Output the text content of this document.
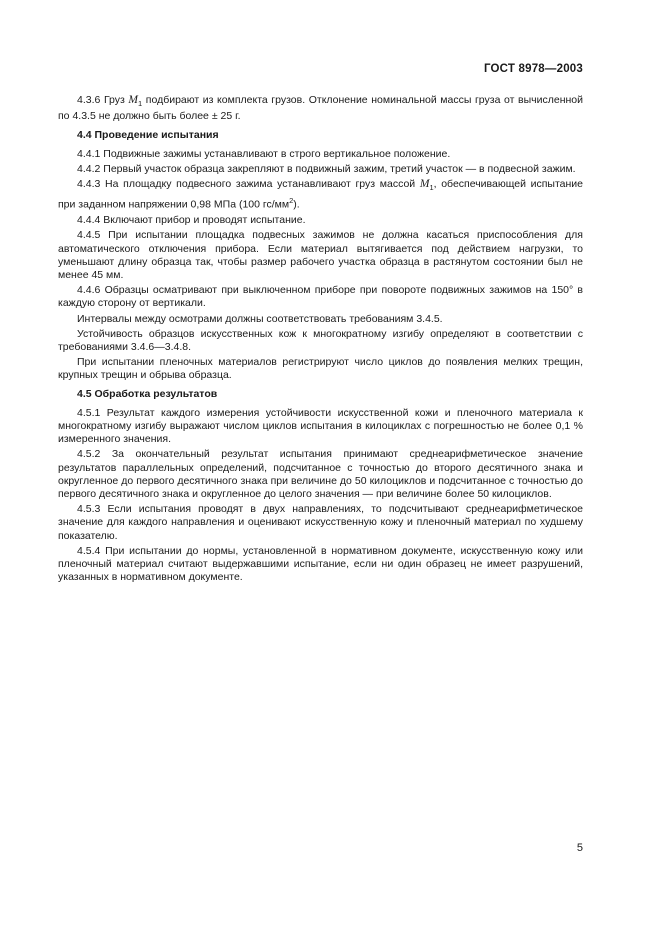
ГОСТ 8978—2003

4.3.6 Груз $M_1$ подбирают из комплекта грузов. Отклонение номинальной массы груза от вычисленной по 4.3.5 не должно быть более ± 25 г.

4.4 Проведение испытания

4.4.1 Подвижные зажимы устанавливают в строго вертикальное положение.

4.4.2 Первый участок образца закрепляют в подвижный зажим, третий участок — в подвесной зажим.

4.4.3 На площадку подвесного зажима устанавливают груз массой $M_1$, обеспечивающей испытание при заданном напряжении 0,98 МПа (100 $гс/мм^2$).

4.4.4 Включают прибор и проводят испытание.

4.4.5 При испытании площадка подвесных зажимов не должна касаться приспособления для автоматического отключения прибора. Если материал вытягивается под действием нагрузки, то уменьшают длину образца так, чтобы размер рабочего участка образца в растянутом состоянии был не менее 45 мм.

4.4.6 Образцы осматривают при выключенном приборе при повороте подвижных зажимов на 150° в каждую сторону от вертикали.

Интервалы между осмотрами должны соответствовать требованиям 3.4.5.

Устойчивость образцов искусственных кож к многократному изгибу определяют в соответствии с требованиями 3.4.6—3.4.8.

При испытании пленочных материалов регистрируют число циклов до появления мелких трещин, крупных трещин и обрыва образца.

4.5 Обработка результатов

4.5.1 Результат каждого измерения устойчивости искусственной кожи и пленочного материала к многократному изгибу выражают числом циклов испытания в килоциклах с погрешностью не более 0,1 % измеренного значения.

4.5.2 За окончательный результат испытания принимают среднеарифметическое значение результатов параллельных определений, подсчитанное с точностью до второго десятичного знака и округленное до первого десятичного знака при величине до 50 килоциклов и подсчитанное с точностью до первого десятичного знака и округленное до целого значения — при величине более 50 килоциклов.

4.5.3 Если испытания проводят в двух направлениях, то подсчитывают среднеарифметическое значение для каждого направления и оценивают искусственную кожу и пленочный материал по худшему показателю.

4.5.4 При испытании до нормы, установленной в нормативном документе, искусственную кожу или пленочный материал считают выдержавшими испытание, если ни один образец не имеет разрушений, указанных в нормативном документе.

5
